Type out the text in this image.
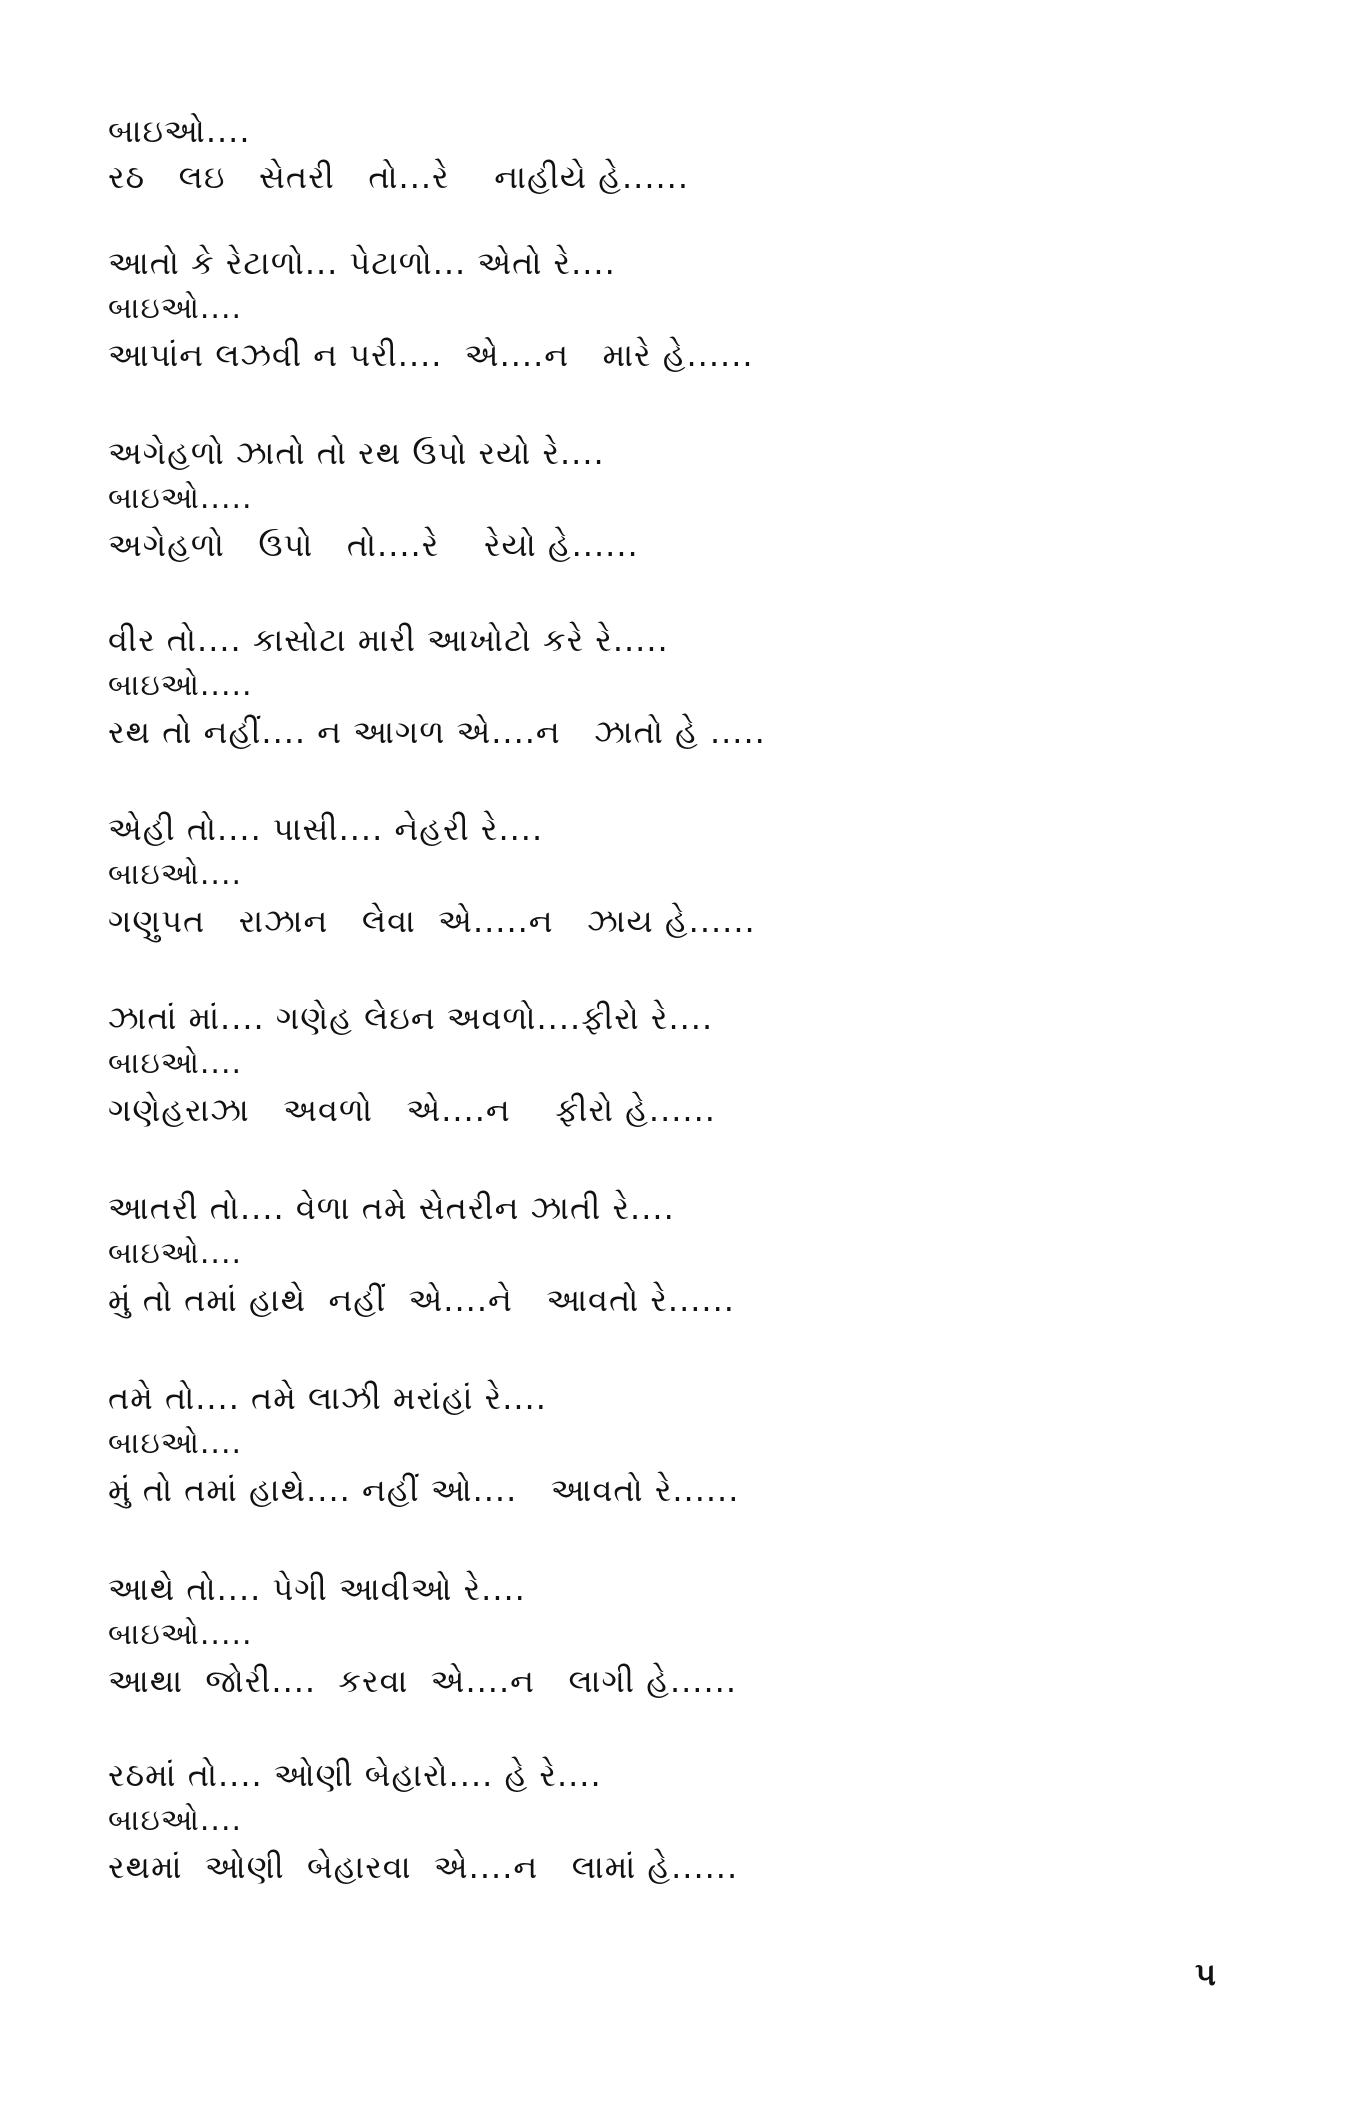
બાઇઓ....
રઠ   લઇ   સેતરી   તો...રે    નાહીયે હે......
આતો કે રેટાળો... પેટાળો... એતો રે....
બાઇઓ....
આપાંન લઝવી ન પરી....  એ....ન   મારે હે......
અગેહળો ઝાતો તો રથ ઉપો રયો રે....
બાઇઓ.....
અગેહળો   ઉપો   તો....રે    રેયો હે......
વીર તો.... કાસોટા મારી આખોટો કરે રે.....
બાઇઓ.....
રથ તો નહીં.... ન આગળ એ....ન   ઝાતો હે .....
એહી તો.... પાસી.... નેહરી રે....
બાઇઓ....
ગણુપત   રાઝાન   લેવા  એ.....ન   ઝાય હે......
ઝાતાં માં.... ગણેહ લેઇન અવળો....ફીરો રે....
બાઇઓ....
ગણેહરાઝા   અવળો   એ....ન    ફીરો હે......
આતરી તો.... વેળા તમે સેતરીન ઝાતી રે....
બાઇઓ....
મું તો તમાં હાથે  નહીં  એ....ને   આવતો રે......
તમે તો.... તમે લાઝી મરાંહાં રે....
બાઇઓ....
મું તો તમાં હાથે.... નહીં ઓ....   આવતો રે......
આથે તો.... પેગી આવીઓ રે....
બાઇઓ.....
આથા  જોરી....  કરવા  એ....ન   લાગી હે......
રઠમાં તો.... ઓણી બેહારો.... હે રે....
બાઇઓ....
રથમાં  ઓણી  બેહારવા  એ....ન   લામાં હે......
૫
